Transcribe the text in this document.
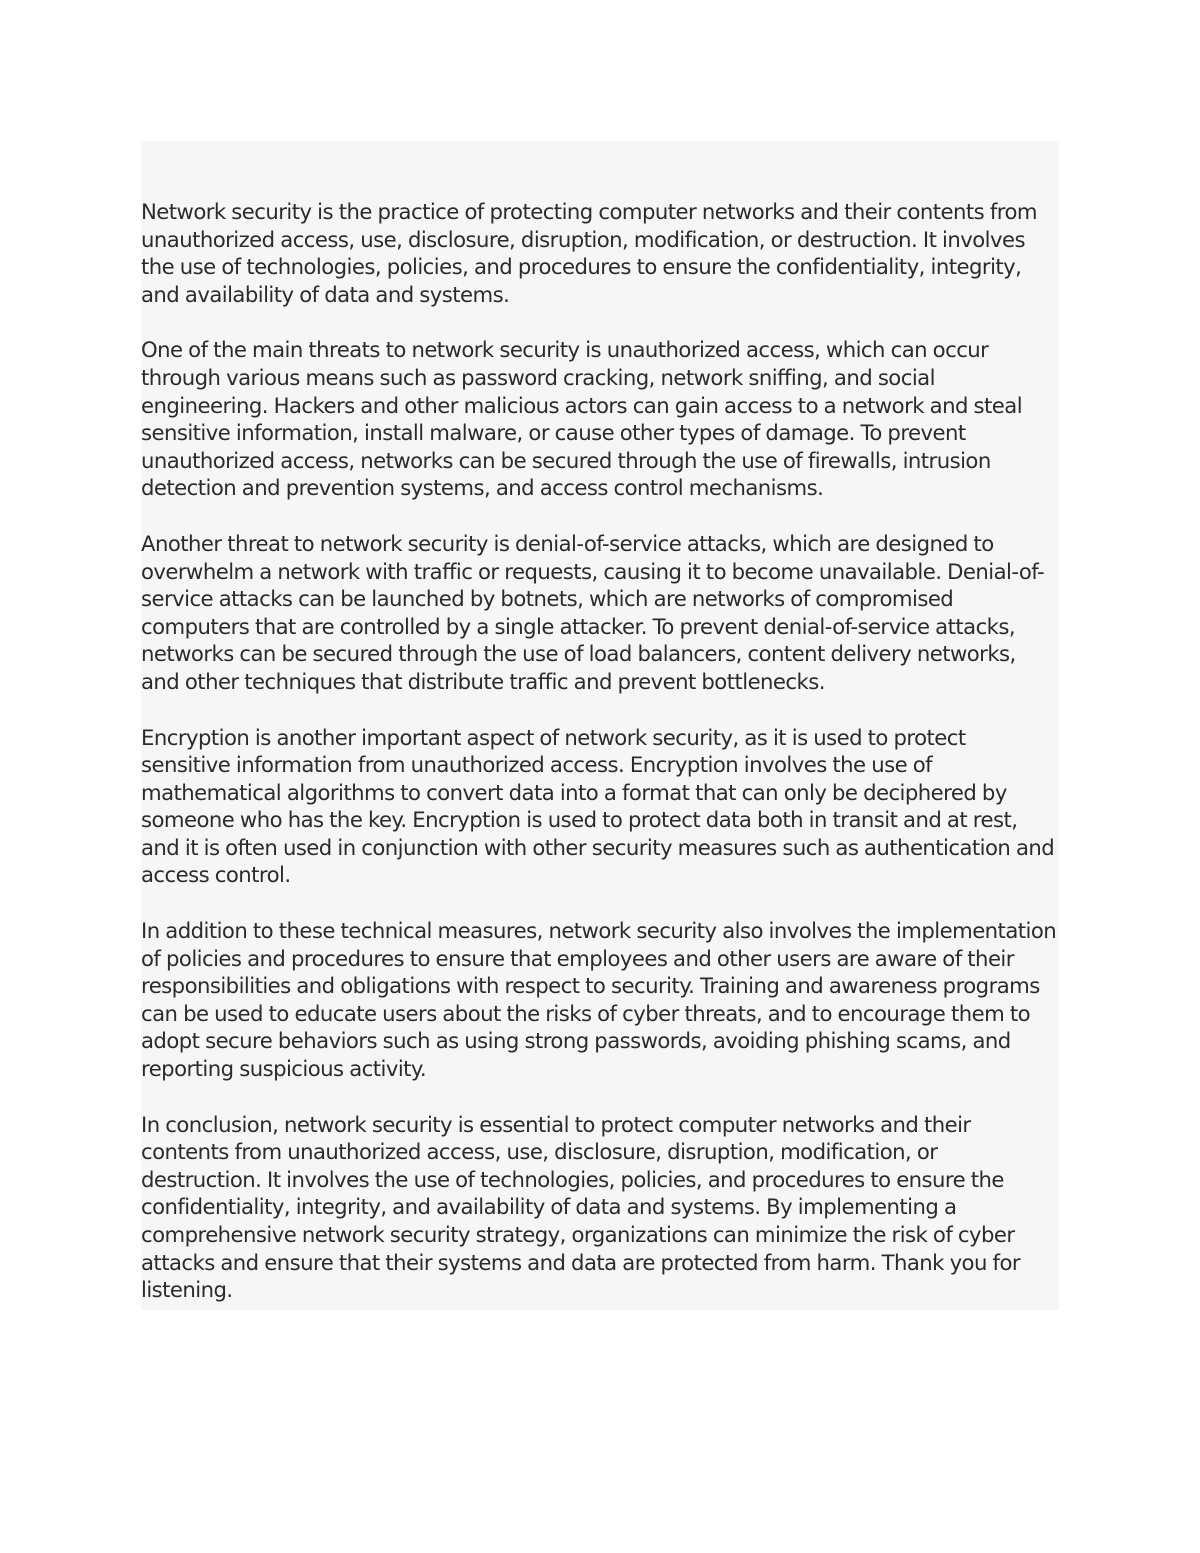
Network security is the practice of protecting computer networks and their contents from unauthorized access, use, disclosure, disruption, modification, or destruction. It involves the use of technologies, policies, and procedures to ensure the confidentiality, integrity, and availability of data and systems.

One of the main threats to network security is unauthorized access, which can occur through various means such as password cracking, network sniffing, and social engineering. Hackers and other malicious actors can gain access to a network and steal sensitive information, install malware, or cause other types of damage. To prevent unauthorized access, networks can be secured through the use of firewalls, intrusion detection and prevention systems, and access control mechanisms.

Another threat to network security is denial-of-service attacks, which are designed to overwhelm a network with traffic or requests, causing it to become unavailable. Denial-of-service attacks can be launched by botnets, which are networks of compromised computers that are controlled by a single attacker. To prevent denial-of-service attacks, networks can be secured through the use of load balancers, content delivery networks, and other techniques that distribute traffic and prevent bottlenecks.

Encryption is another important aspect of network security, as it is used to protect sensitive information from unauthorized access. Encryption involves the use of mathematical algorithms to convert data into a format that can only be deciphered by someone who has the key. Encryption is used to protect data both in transit and at rest, and it is often used in conjunction with other security measures such as authentication and access control.

In addition to these technical measures, network security also involves the implementation of policies and procedures to ensure that employees and other users are aware of their responsibilities and obligations with respect to security. Training and awareness programs can be used to educate users about the risks of cyber threats, and to encourage them to adopt secure behaviors such as using strong passwords, avoiding phishing scams, and reporting suspicious activity.

In conclusion, network security is essential to protect computer networks and their contents from unauthorized access, use, disclosure, disruption, modification, or destruction. It involves the use of technologies, policies, and procedures to ensure the confidentiality, integrity, and availability of data and systems. By implementing a comprehensive network security strategy, organizations can minimize the risk of cyber attacks and ensure that their systems and data are protected from harm. Thank you for listening.
